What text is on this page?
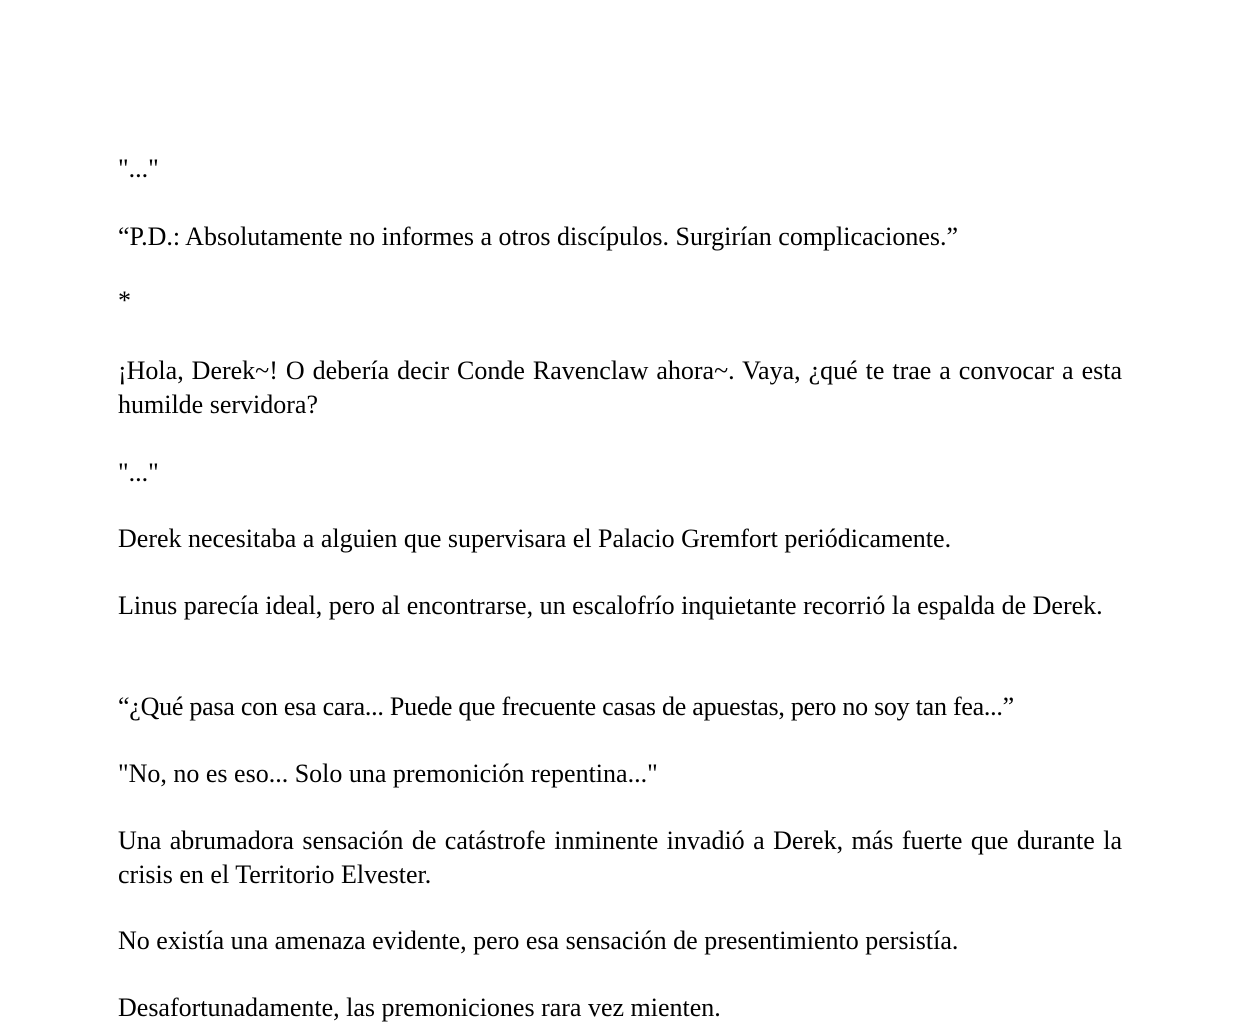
"..."

“P.D.: Absolutamente no informes a otros discípulos. Surgirían complicaciones.”

*

¡Hola, Derek~! O debería decir Conde Ravenclaw ahora~. Vaya, ¿qué te trae a convocar a esta humilde servidora?

"..."

Derek necesitaba a alguien que supervisara el Palacio Gremfort periódicamente.

Linus parecía ideal, pero al encontrarse, un escalofrío inquietante recorrió la espalda de Derek.

“¿Qué pasa con esa cara... Puede que frecuente casas de apuestas, pero no soy tan fea...”

"No, no es eso... Solo una premonición repentina..."

Una abrumadora sensación de catástrofe inminente invadió a Derek, más fuerte que durante la crisis en el Territorio Elvester.

No existía una amenaza evidente, pero esa sensación de presentimiento persistía.

Desafortunadamente, las premoniciones rara vez mienten.
